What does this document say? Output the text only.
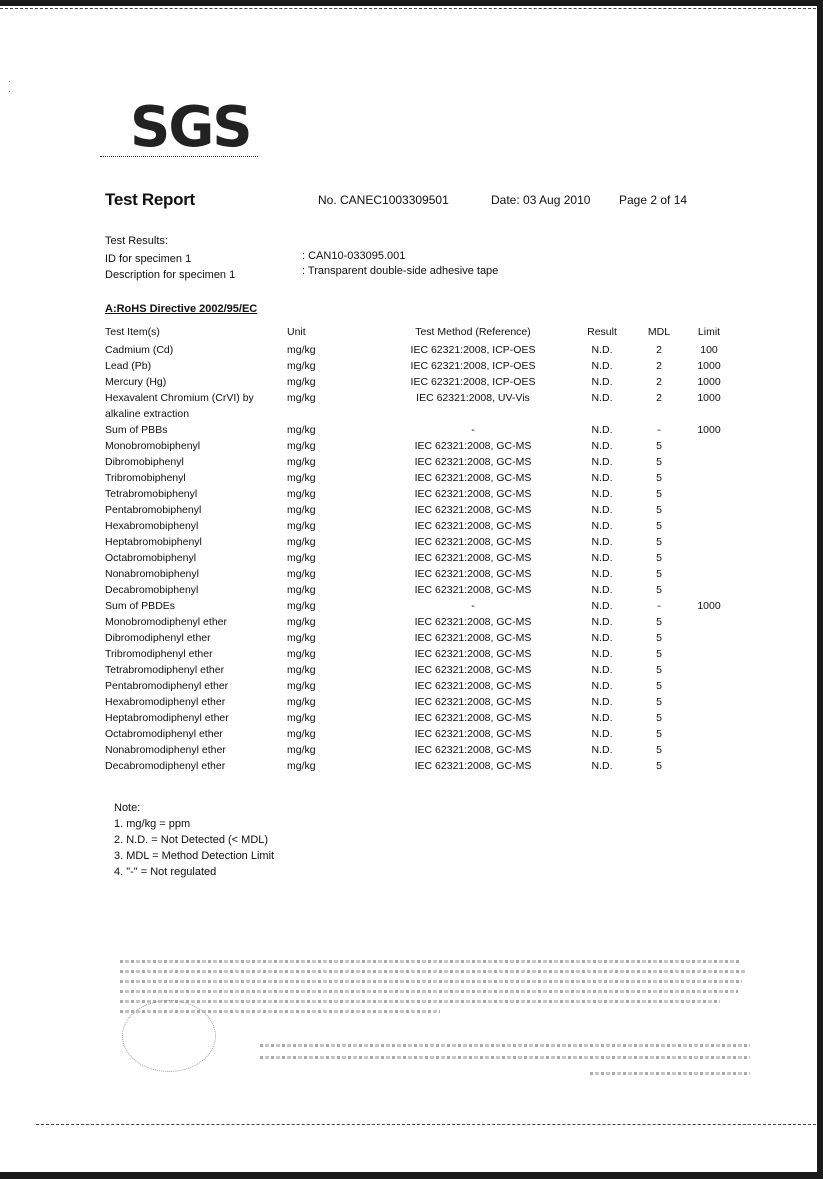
·
·
SGS
Test Report	No. CANEC1003309501	Date: 03 Aug 2010 Page 2 of 14
Test Results:
ID for specimen 1	: CAN10-033095.001
Description for specimen 1	: Transparent double-side adhesive tape
A:RoHS Directive 2002/95/EC
Test Item(s)	Unit	Test Method (Reference)	Result	MDL	Limit
Cadmium (Cd)	mg/kg	IEC 62321:2008, ICP-OES	N.D.	2	100
Lead (Pb)	mg/kg	IEC 62321:2008, ICP-OES	N.D.	2	1000
Mercury (Hg)	mg/kg	IEC 62321:2008, ICP-OES	N.D.	2	1000
Hexavalent Chromium (CrVI) by	mg/kg	IEC 62321:2008, UV-Vis	N.D.	2	1000
alkaline extraction					
Sum of PBBs	mg/kg	-	N.D.	-	1000
Monobromobiphenyl	mg/kg	IEC 62321:2008, GC-MS	N.D.	5	
Dibromobiphenyl	mg/kg	IEC 62321:2008, GC-MS	N.D.	5	
Tribromobiphenyl	mg/kg	IEC 62321:2008, GC-MS	N.D.	5	
Tetrabromobiphenyl	mg/kg	IEC 62321:2008, GC-MS	N.D.	5	
Pentabromobiphenyl	mg/kg	IEC 62321:2008, GC-MS	N.D.	5	
Hexabromobiphenyl	mg/kg	IEC 62321:2008, GC-MS	N.D.	5	
Heptabromobiphenyl	mg/kg	IEC 62321:2008, GC-MS	N.D.	5	
Octabromobiphenyl	mg/kg	IEC 62321:2008, GC-MS	N.D.	5	
Nonabromobiphenyl	mg/kg	IEC 62321:2008, GC-MS	N.D.	5	
Decabromobiphenyl	mg/kg	IEC 62321:2008, GC-MS	N.D.	5	
Sum of PBDEs	mg/kg	-	N.D.	-	1000
Monobromodiphenyl ether	mg/kg	IEC 62321:2008, GC-MS	N.D.	5	
Dibromodiphenyl ether	mg/kg	IEC 62321:2008, GC-MS	N.D.	5	
Tribromodiphenyl ether	mg/kg	IEC 62321:2008, GC-MS	N.D.	5	
Tetrabromodiphenyl ether	mg/kg	IEC 62321:2008, GC-MS	N.D.	5	
Pentabromodiphenyl ether	mg/kg	IEC 62321:2008, GC-MS	N.D.	5	
Hexabromodiphenyl ether	mg/kg	IEC 62321:2008, GC-MS	N.D.	5	
Heptabromodiphenyl ether	mg/kg	IEC 62321:2008, GC-MS	N.D.	5	
Octabromodiphenyl ether	mg/kg	IEC 62321:2008, GC-MS	N.D.	5	
Nonabromodiphenyl ether	mg/kg	IEC 62321:2008, GC-MS	N.D.	5	
Decabromodiphenyl ether	mg/kg	IEC 62321:2008, GC-MS	N.D.	5	
Note:
1. mg/kg = ppm
2. N.D. = Not Detected (< MDL)
3. MDL = Method Detection Limit
4. "-" = Not regulated
